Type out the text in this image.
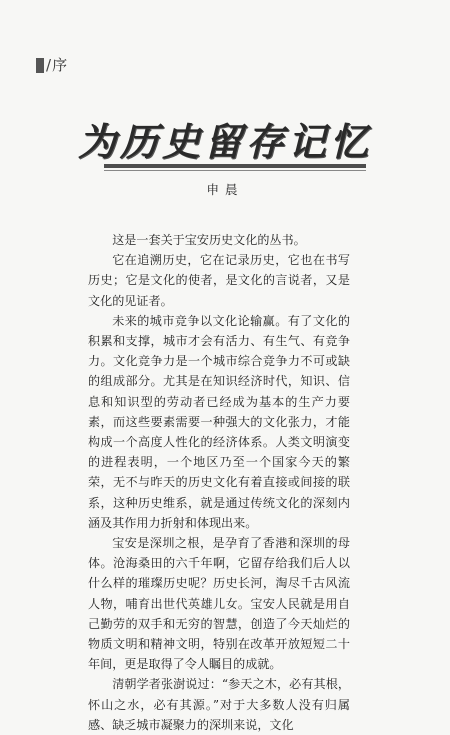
/ 序
为历史留存记忆
申晨

这是一套关于宝安历史文化的丛书。

它在追溯历史，它在记录历史，它也在书写历史；它是文化的使者，是文化的言说者，又是文化的见证者。

未来的城市竞争以文化论输赢。有了文化的积累和支撑，城市才会有活力、有生气、有竞争力。文化竞争力是一个城市综合竞争力不可或缺的组成部分。尤其是在知识经济时代，知识、信息和知识型的劳动者已经成为基本的生产力要素，而这些要素需要一种强大的文化张力，才能构成一个高度人性化的经济体系。人类文明演变的进程表明，一个地区乃至一个国家今天的繁荣，无不与昨天的历史文化有着直接或间接的联系，这种历史维系，就是通过传统文化的深刻内涵及其作用力折射和体现出来。

宝安是深圳之根，是孕育了香港和深圳的母体。沧海桑田的六千年啊，它留存给我们后人以什么样的璀璨历史呢？历史长河，淘尽千古风流人物，哺育出世代英雄儿女。宝安人民就是用自己勤劳的双手和无穷的智慧，创造了今天灿烂的物质文明和精神文明，特别在改革开放短短二十年间，更是取得了令人瞩目的成就。

清朝学者张澍说过：“参天之木，必有其根，怀山之水，必有其源。”对于大多数人没有归属感、缺乏城市凝聚力的深圳来说，文化
